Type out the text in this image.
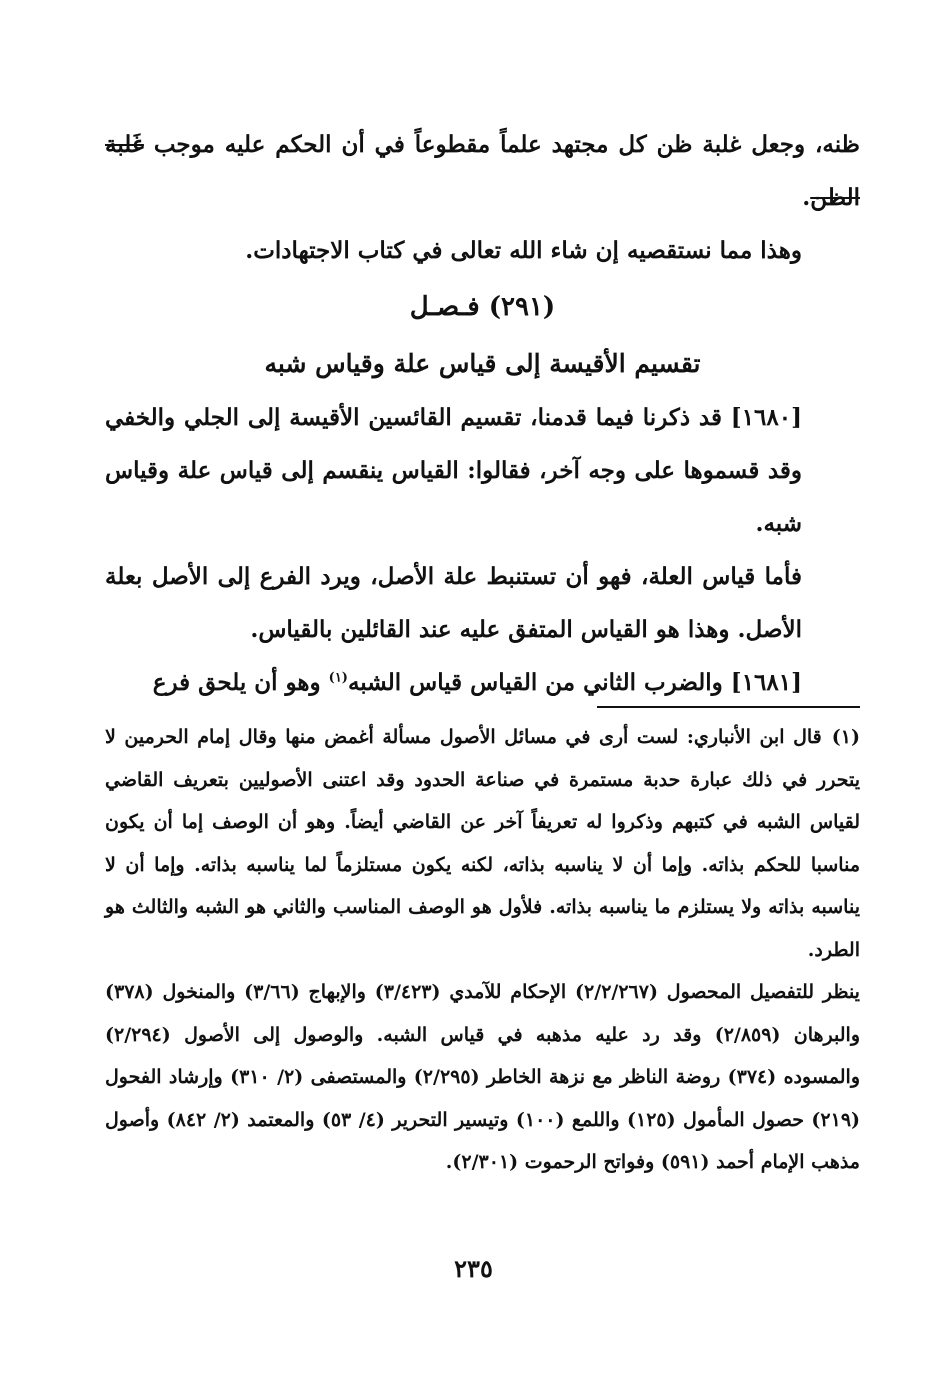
ظنه، وجعل غلبة ظن كل مجتهد علماً مقطوعاً في أن الحكم عليه موجب غَلبة الظن.

وهذا مما نستقصيه إن شاء الله تعالى في كتاب الاجتهادات.

(٢٩١) فـصـل

تقسيم الأقيسة إلى قياس علة وقياس شبه

[١٦٨٠] قد ذكرنا فيما قدمنا، تقسيم القائسين الأقيسة إلى الجلي والخفي وقد قسموها على وجه آخر، فقالوا: القياس ينقسم إلى قياس علة وقياس شبه.

فأما قياس العلة، فهو أن تستنبط علة الأصل، ويرد الفرع إلى الأصل بعلة الأصل. وهذا هو القياس المتفق عليه عند القائلين بالقياس.

[١٦٨١] والضرب الثاني من القياس قياس الشبه$^{(١)}$ وهو أن يلحق فرع

(١)قال ابن الأنباري: لست أرى في مسائل الأصول مسألة أغمض منها وقال إمام الحرمين لا يتحرر في ذلك عبارة حدبة مستمرة في صناعة الحدود وقد اعتنى الأصوليين بتعريف القاضي لقياس الشبه في كتبهم وذكروا له تعريفاً آخر عن القاضي أيضاً. وهو أن الوصف إما أن يكون مناسبا للحكم بذاته. وإما أن لا يناسبه بذاته، لكنه يكون مستلزماً لما يناسبه بذاته. وإما أن لا يناسبه بذاته ولا يستلزم ما يناسبه بذاته. فلأول هو الوصف المناسب والثاني هو الشبه والثالث هو الطرد.

ينظر للتفصيل المحصول (٢/٢/٢٦٧) الإحكام للآمدي (٣/٤٢٣) والإبهاج (٣/٦٦) والمنخول (٣٧٨) والبرهان (٢/٨٥٩) وقد رد عليه مذهبه في قياس الشبه. والوصول إلى الأصول (٢/٢٩٤) والمسوده (٣٧٤) روضة الناظر مع نزهة الخاطر (٢/٢٩٥) والمستصفى (٢/ ٣١٠) وإرشاد الفحول (٢١٩) حصول المأمول (١٢٥) واللمع (١٠٠) وتيسير التحرير (٤/ ٥٣) والمعتمد (٢/ ٨٤٢) وأصول مذهب الإمام أحمد (٥٩١) وفواتح الرحموت (٢/٣٠١).

٢٣٥
